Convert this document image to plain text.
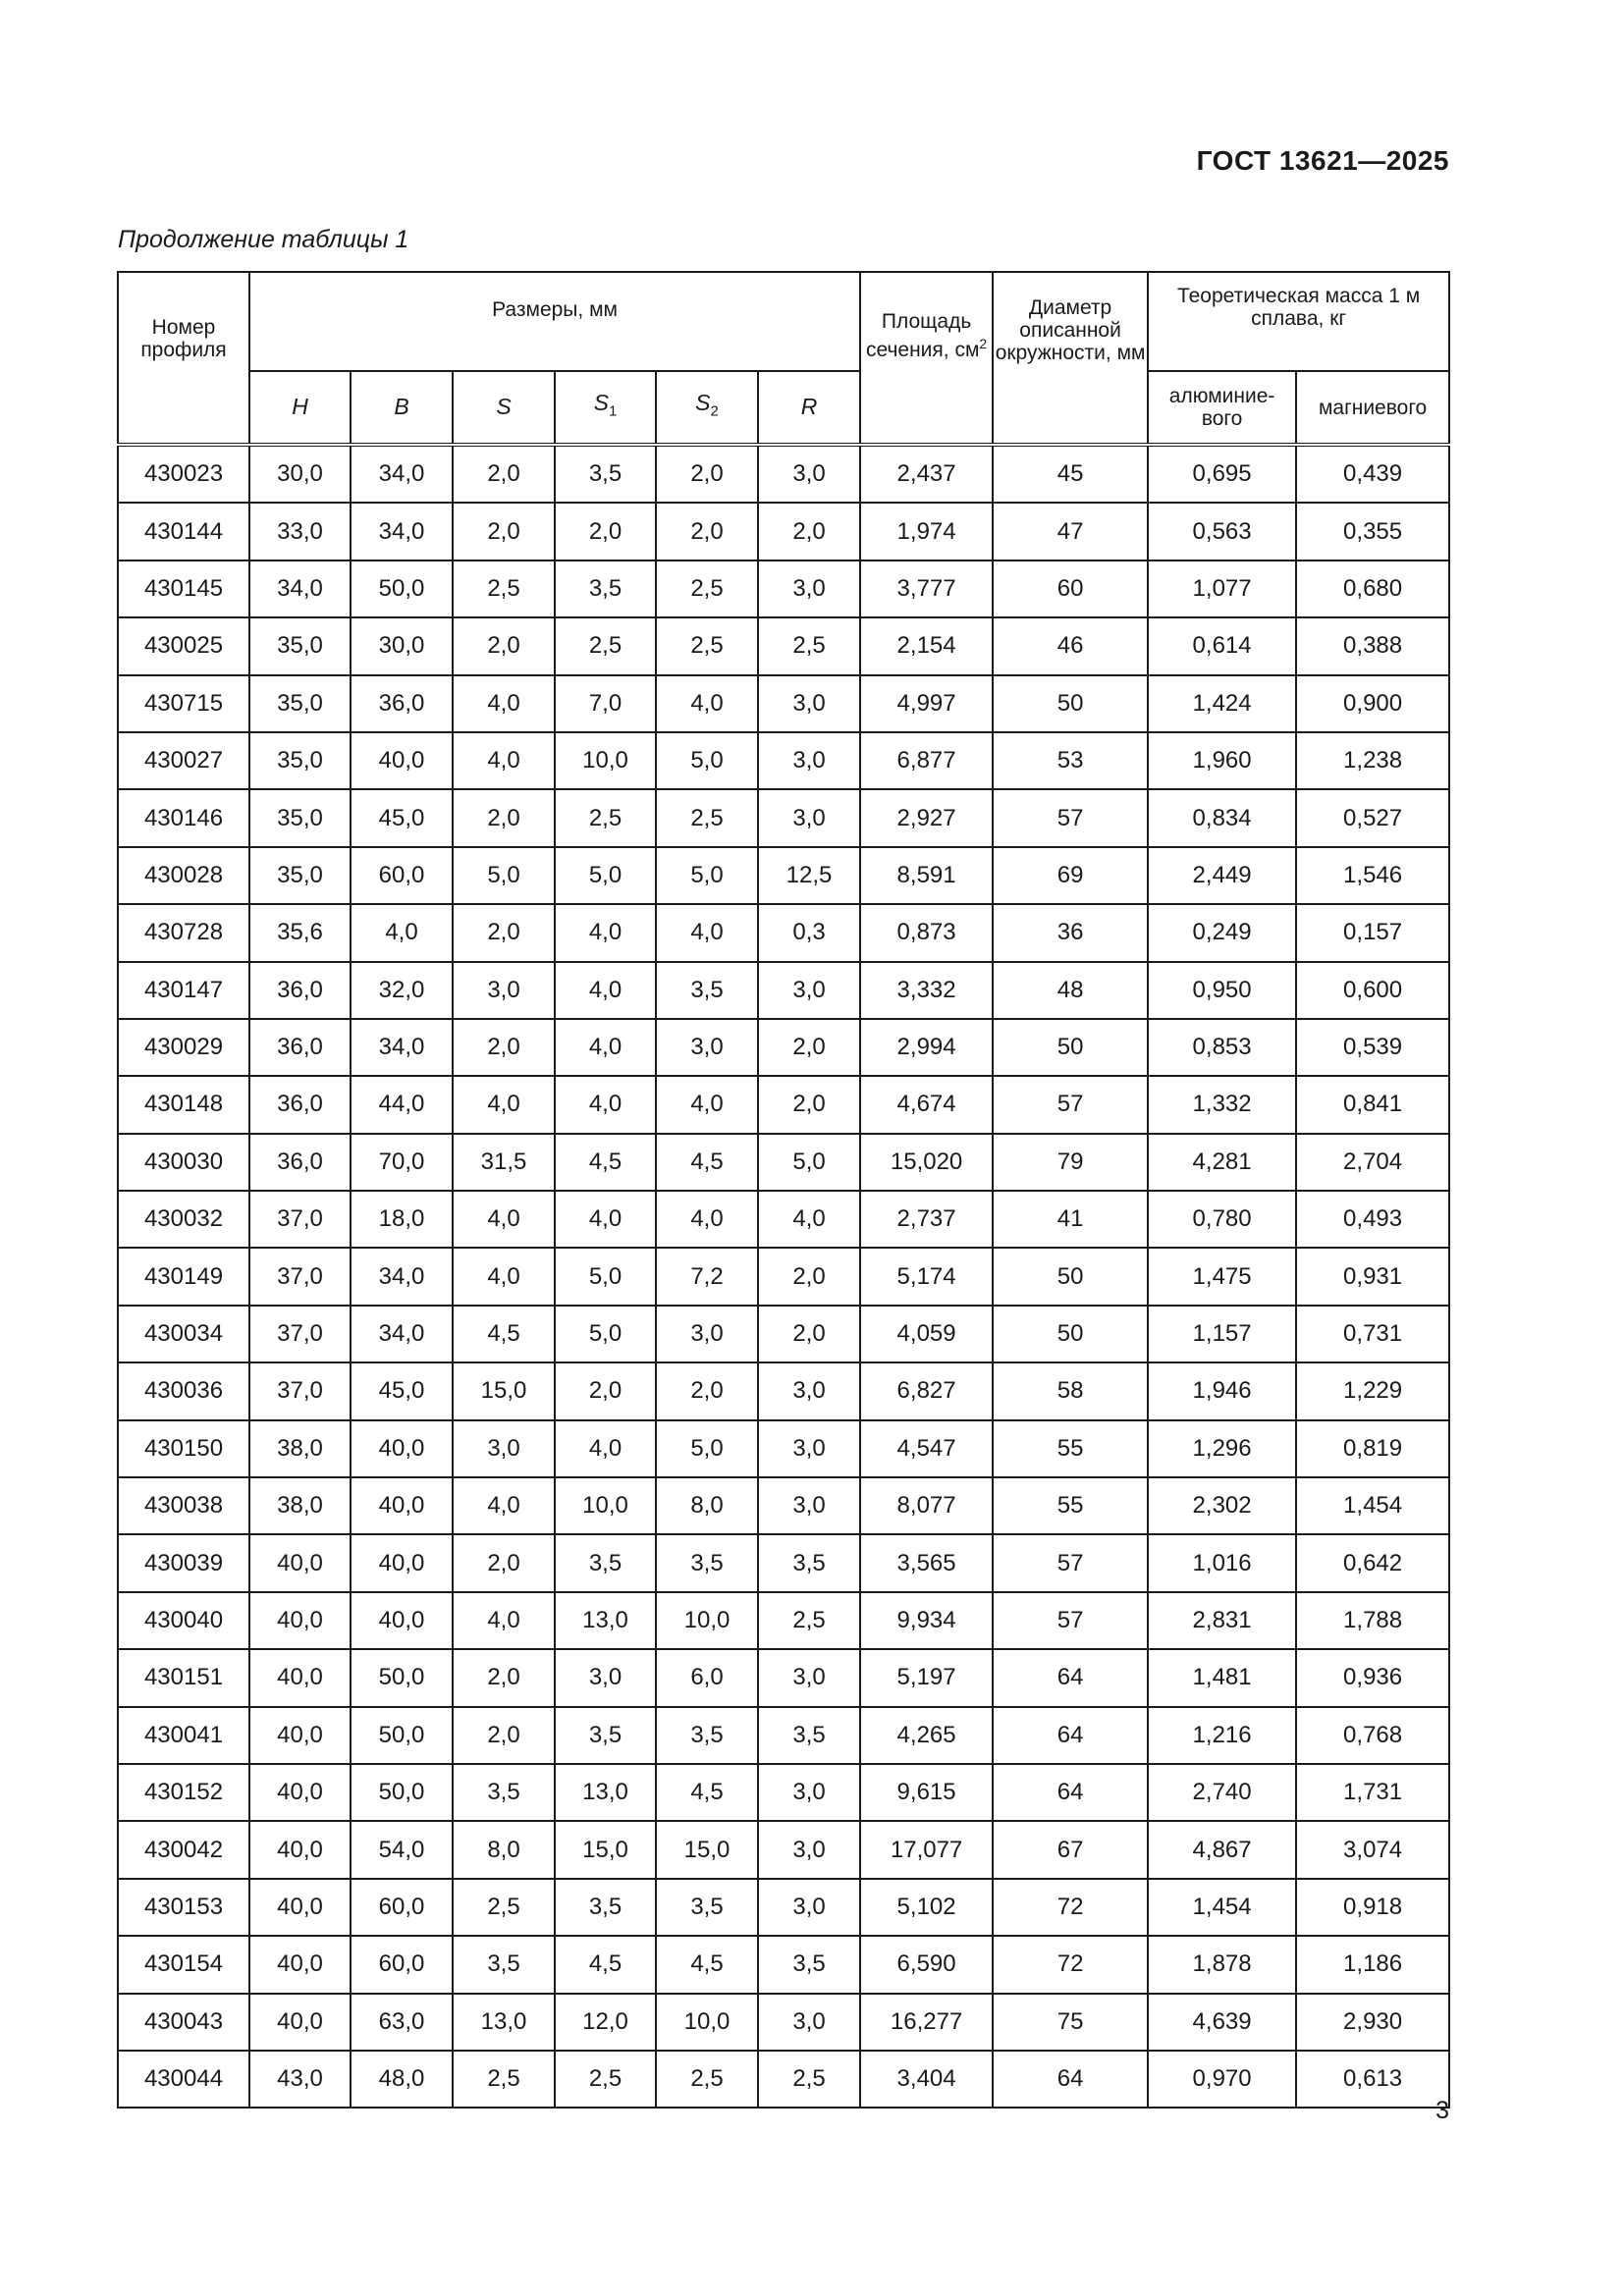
ГОСТ 13621—2025
Продолжение таблицы 1
Номер профиля	Размеры, мм						Площадь сечения, $см^2$	Диаметр описанной окружности, мм	Теоретическая масса 1 м сплава, кг	
	H	B	S	$S_1$	$S_2$	R			алюминие-вого	магниевого
430023	30,0	34,0	2,0	3,5	2,0	3,0	2,437	45	0,695	0,439
430144	33,0	34,0	2,0	2,0	2,0	2,0	1,974	47	0,563	0,355
430145	34,0	50,0	2,5	3,5	2,5	3,0	3,777	60	1,077	0,680
430025	35,0	30,0	2,0	2,5	2,5	2,5	2,154	46	0,614	0,388
430715	35,0	36,0	4,0	7,0	4,0	3,0	4,997	50	1,424	0,900
430027	35,0	40,0	4,0	10,0	5,0	3,0	6,877	53	1,960	1,238
430146	35,0	45,0	2,0	2,5	2,5	3,0	2,927	57	0,834	0,527
430028	35,0	60,0	5,0	5,0	5,0	12,5	8,591	69	2,449	1,546
430728	35,6	4,0	2,0	4,0	4,0	0,3	0,873	36	0,249	0,157
430147	36,0	32,0	3,0	4,0	3,5	3,0	3,332	48	0,950	0,600
430029	36,0	34,0	2,0	4,0	3,0	2,0	2,994	50	0,853	0,539
430148	36,0	44,0	4,0	4,0	4,0	2,0	4,674	57	1,332	0,841
430030	36,0	70,0	31,5	4,5	4,5	5,0	15,020	79	4,281	2,704
430032	37,0	18,0	4,0	4,0	4,0	4,0	2,737	41	0,780	0,493
430149	37,0	34,0	4,0	5,0	7,2	2,0	5,174	50	1,475	0,931
430034	37,0	34,0	4,5	5,0	3,0	2,0	4,059	50	1,157	0,731
430036	37,0	45,0	15,0	2,0	2,0	3,0	6,827	58	1,946	1,229
430150	38,0	40,0	3,0	4,0	5,0	3,0	4,547	55	1,296	0,819
430038	38,0	40,0	4,0	10,0	8,0	3,0	8,077	55	2,302	1,454
430039	40,0	40,0	2,0	3,5	3,5	3,5	3,565	57	1,016	0,642
430040	40,0	40,0	4,0	13,0	10,0	2,5	9,934	57	2,831	1,788
430151	40,0	50,0	2,0	3,0	6,0	3,0	5,197	64	1,481	0,936
430041	40,0	50,0	2,0	3,5	3,5	3,5	4,265	64	1,216	0,768
430152	40,0	50,0	3,5	13,0	4,5	3,0	9,615	64	2,740	1,731
430042	40,0	54,0	8,0	15,0	15,0	3,0	17,077	67	4,867	3,074
430153	40,0	60,0	2,5	3,5	3,5	3,0	5,102	72	1,454	0,918
430154	40,0	60,0	3,5	4,5	4,5	3,5	6,590	72	1,878	1,186
430043	40,0	63,0	13,0	12,0	10,0	3,0	16,277	75	4,639	2,930
430044	43,0	48,0	2,5	2,5	2,5	2,5	3,404	64	0,970	0,613
3
